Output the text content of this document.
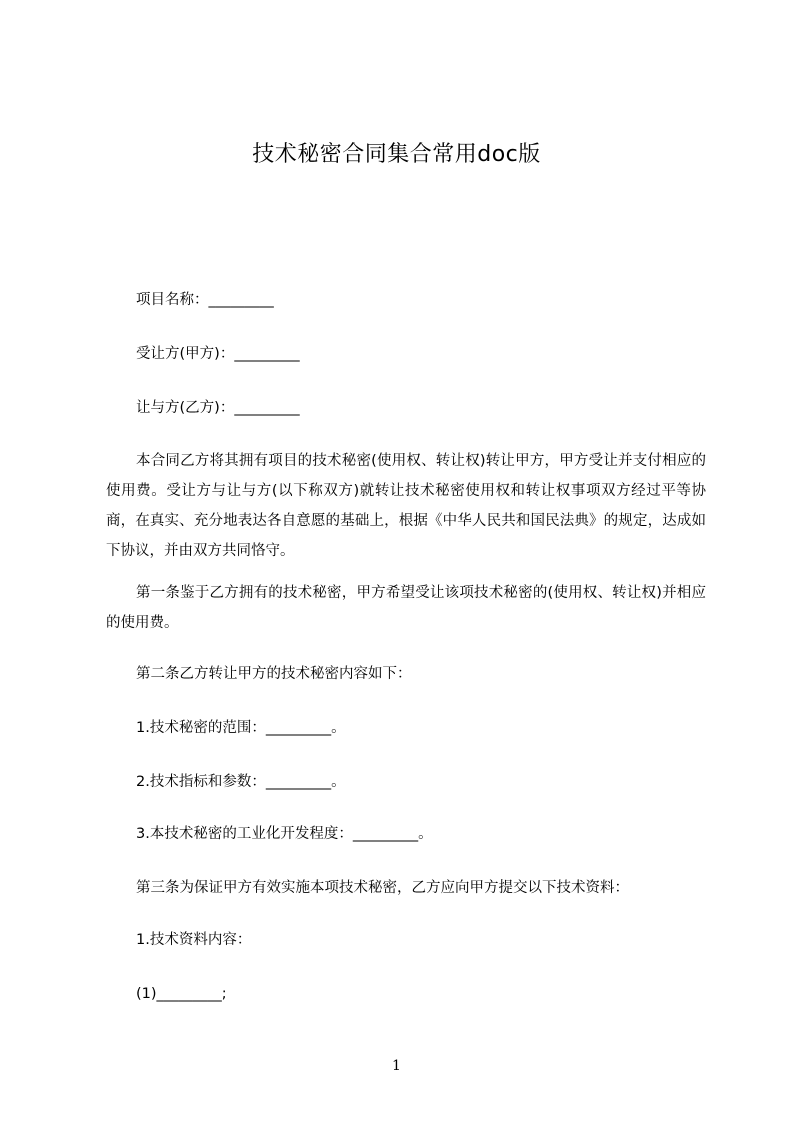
技术秘密合同集合常用doc版
项目名称：_________
受让方(甲方)：_________
让与方(乙方)：_________
本合同乙方将其拥有项目的技术秘密(使用权、转让权)转让甲方，甲方受让并支付相应的使用费。受让方与让与方(以下称双方)就转让技术秘密使用权和转让权事项双方经过平等协商，在真实、充分地表达各自意愿的基础上，根据《中华人民共和国民法典》的规定，达成如下协议，并由双方共同恪守。
第一条鉴于乙方拥有的技术秘密，甲方希望受让该项技术秘密的(使用权、转让权)并相应的使用费。
第二条乙方转让甲方的技术秘密内容如下：
1.技术秘密的范围：_________。
2.技术指标和参数：_________。
3.本技术秘密的工业化开发程度：_________。
第三条为保证甲方有效实施本项技术秘密，乙方应向甲方提交以下技术资料：
1.技术资料内容：
(1)_________;
1
